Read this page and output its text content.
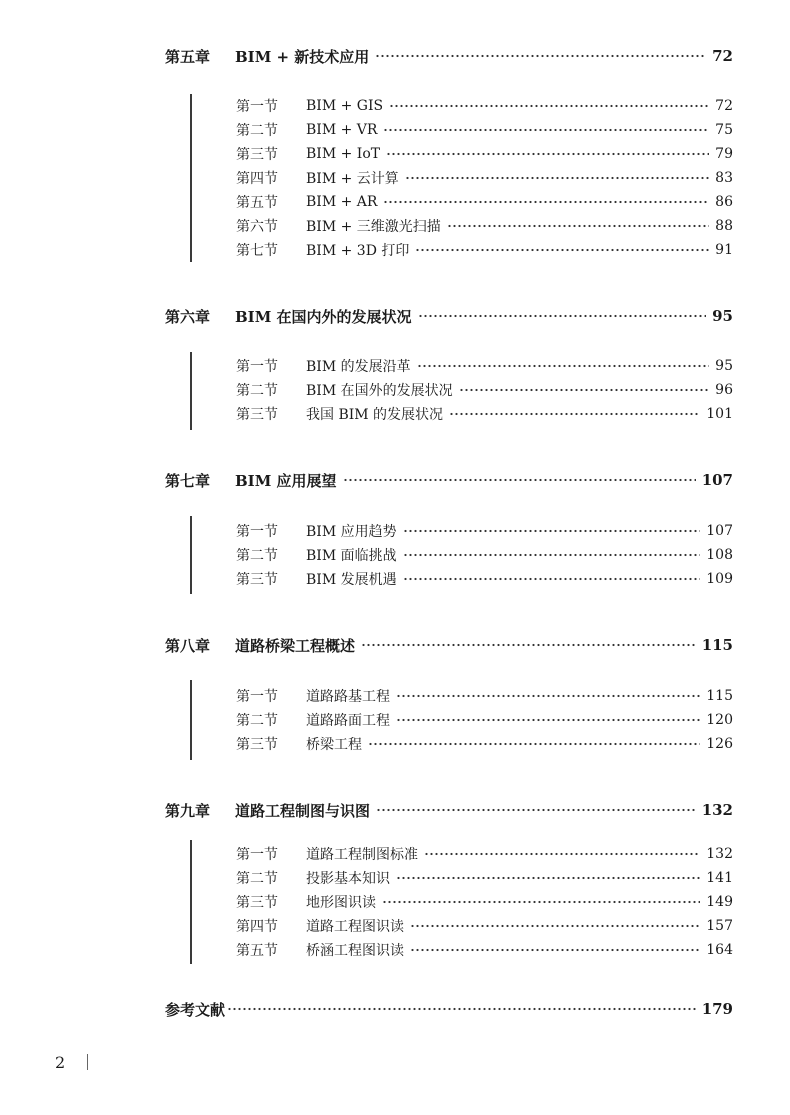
第五章	BIM + 新技术应用	72
第一节	BIM + GIS	72
第二节	BIM + VR	75
第三节	BIM + IoT	79
第四节	BIM + 云计算	83
第五节	BIM + AR	86
第六节	BIM + 三维激光扫描	88
第七节	BIM + 3D 打印	91
第六章	BIM 在国内外的发展状况	95
第一节	BIM 的发展沿革	95
第二节	BIM 在国外的发展状况	96
第三节	我国 BIM 的发展状况	101
第七章	BIM 应用展望	107
第一节	BIM 应用趋势	107
第二节	BIM 面临挑战	108
第三节	BIM 发展机遇	109
第八章	道路桥梁工程概述	115
第一节	道路路基工程	115
第二节	道路路面工程	120
第三节	桥梁工程	126
第九章	道路工程制图与识图	132
第一节	道路工程制图标准	132
第二节	投影基本知识	141
第三节	地形图识读	149
第四节	道路工程图识读	157
第五节	桥涵工程图识读	164
参考文献	179
2
